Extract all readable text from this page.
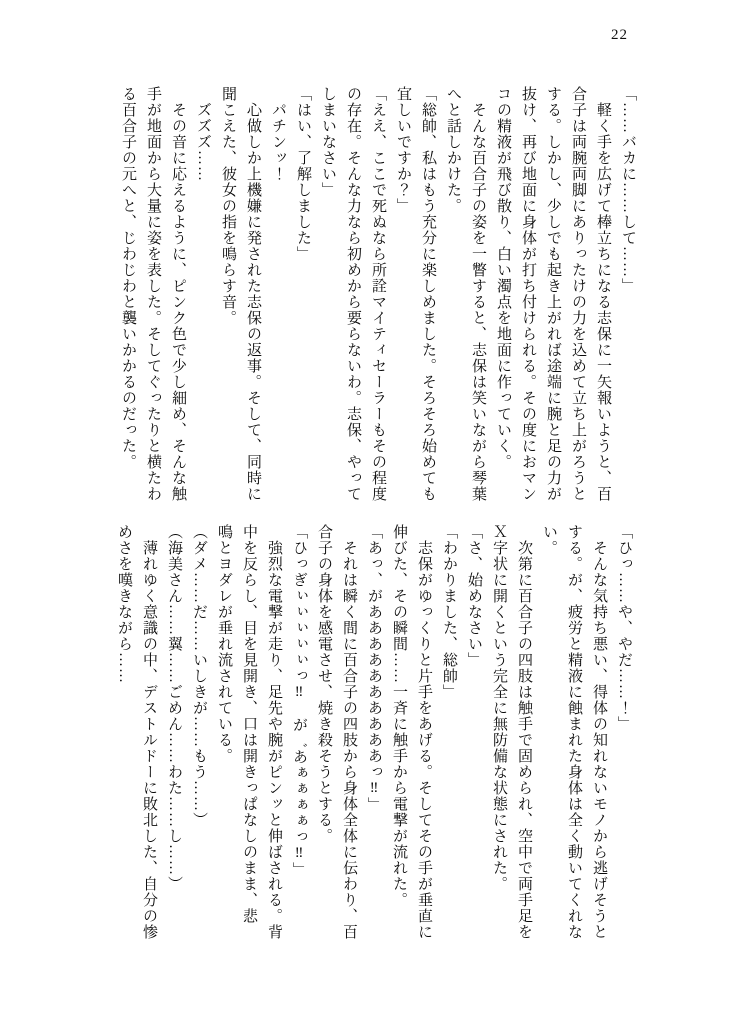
22
「……バカに……して……」
　軽く手を広げて棒立ちになる志保に一矢報いようと、百
合子は両腕両脚にありったけの力を込めて立ち上がろうと
する。しかし、少しでも起き上がれば途端に腕と足の力が
抜け、再び地面に身体が打ち付けられる。その度におマン
コの精液が飛び散り、白い濁点を地面に作っていく。
　そんな百合子の姿を一瞥すると、志保は笑いながら琴葉
へと話しかけた。
「総帥、私はもう充分に楽しめました。そろそろ始めても
宜しいですか？」
「ええ、ここで死ぬなら所詮マイティセーラーもその程度
の存在。そんな力なら初めから要らないわ。志保、やって
しまいなさい」
「はい、了解しました」
　パチンッ！
　心做しか上機嫌に発された志保の返事。そして、同時に
聞こえた、彼女の指を鳴らす音。
　ズズズ……
　その音に応えるように、ピンク色で少し細め、そんな触
手が地面から大量に姿を表した。そしてぐったりと横たわ
る百合子の元へと、じわじわと襲いかかるのだった。
「ひっ……や、やだ……！」
　そんな気持ち悪い、得体の知れないモノから逃げそうと
する。が、疲労と精液に蝕まれた身体は全く動いてくれな
い。
　次第に百合子の四肢は触手で固められ、空中で両手足を
Ｘ字状に開くという完全に無防備な状態にされた。
「さ、始めなさい」
「わかりました、総帥」
　志保がゆっくりと片手をあげる。そしてその手が垂直に
伸びた、その瞬間……一斉に触手から電撃が流れた。
「あっ、がああああああああああっ‼」
　それは瞬く間に百合子の四肢から身体全体に伝わり、百
合子の身体を感電させ、焼き殺そうとする。
「ひっぎぃぃぃぃぃっ‼　が゛あぁぁぁぁっ‼」
　強烈な電撃が走り、足先や腕がピンッと伸ばされる。背
中を反らし、目を見開き、口は開きっぱなしのまま、悲
鳴とヨダレが垂れ流されている。
（ダメ……だ……いしきが……もう……）
（海美さん……翼……ごめん……わた……し……）
　薄れゆく意識の中、デストルドーに敗北した、自分の惨
めさを嘆きながら……
